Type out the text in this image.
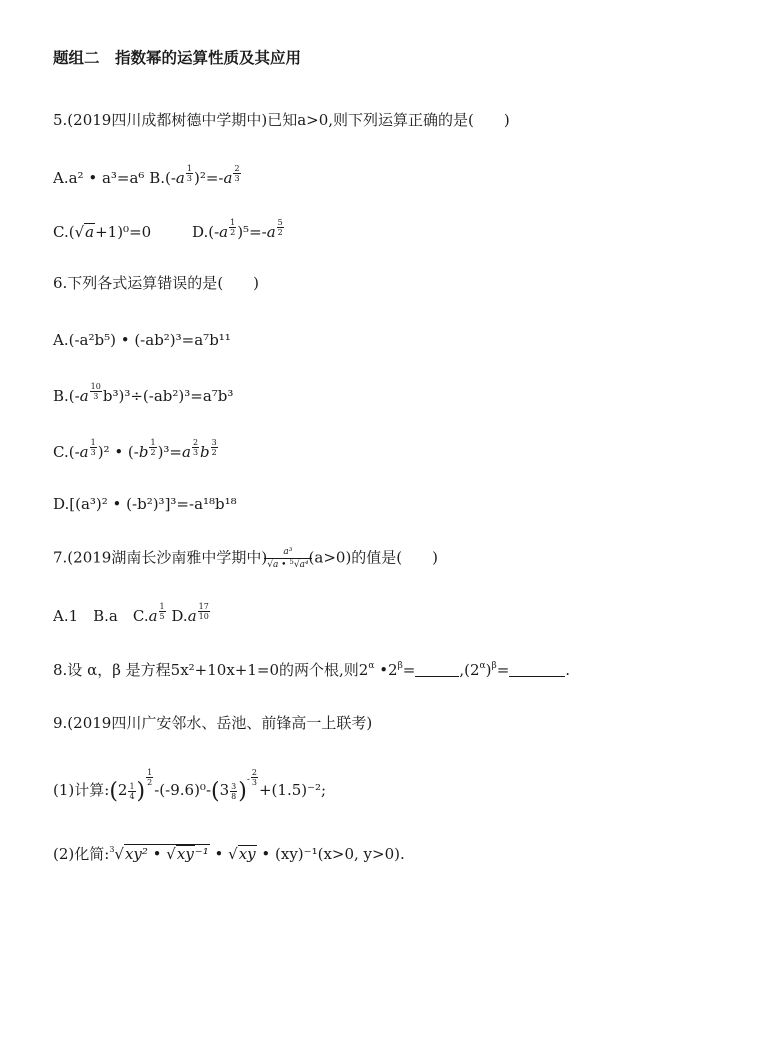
题组二　指数幂的运算性质及其应用
5.(2019四川成都树德中学期中)已知a>0,则下列运算正确的是(　　)
A.a² • a³=a⁶ $B.(-a \frac{1}{3} )^2=-a \frac{2}{3}$
C.(√a+1)⁰=0	$D.(-a \frac{1}{2} )^5=-a \frac{5}{2}$
6.下列各式运算错误的是(　　)
A.(-a²b⁵) • (-ab²)³=a⁷b¹¹
$B.(-a \frac{10}{3} b^3)^3\div(-ab^2)^3=a^7b^3$
$C.(-a \frac{1}{3} )^2$ • $(-b \frac{1}{2} )^3=a \frac{2}{3}$ b $\frac{3}{2}$
D.[(a³)² • (-b²)³]³=-a¹⁸b¹⁸
7.(2019湖南长沙南雅中学期中) $\frac{\text{a³}}{√a • ^5√a^4} (a>0)$的值是(　　)
A.1　B.a　$C.a \frac{1}{5} D.a \frac{17}{10}$
8.设 α，β 是方程5x²+10x+1=0的两个根,则$2^\alpha$ $•2^\beta=$	$,(2^\alpha)^\beta=$	.
9.(2019四川广安邻水、岳池、前锋高一上联考)
(1)计算:(2 $\frac{1}{4}$ )
$\frac{1}{2}$
$-(-9.6)^0-(3 \frac{3}{8} )^- \frac{2}{3}$
+(1.5)⁻²;
(2)化简:$^3$√xy² • √xy⁻¹ • √xy • (xy)⁻¹(x>0, y>0).
